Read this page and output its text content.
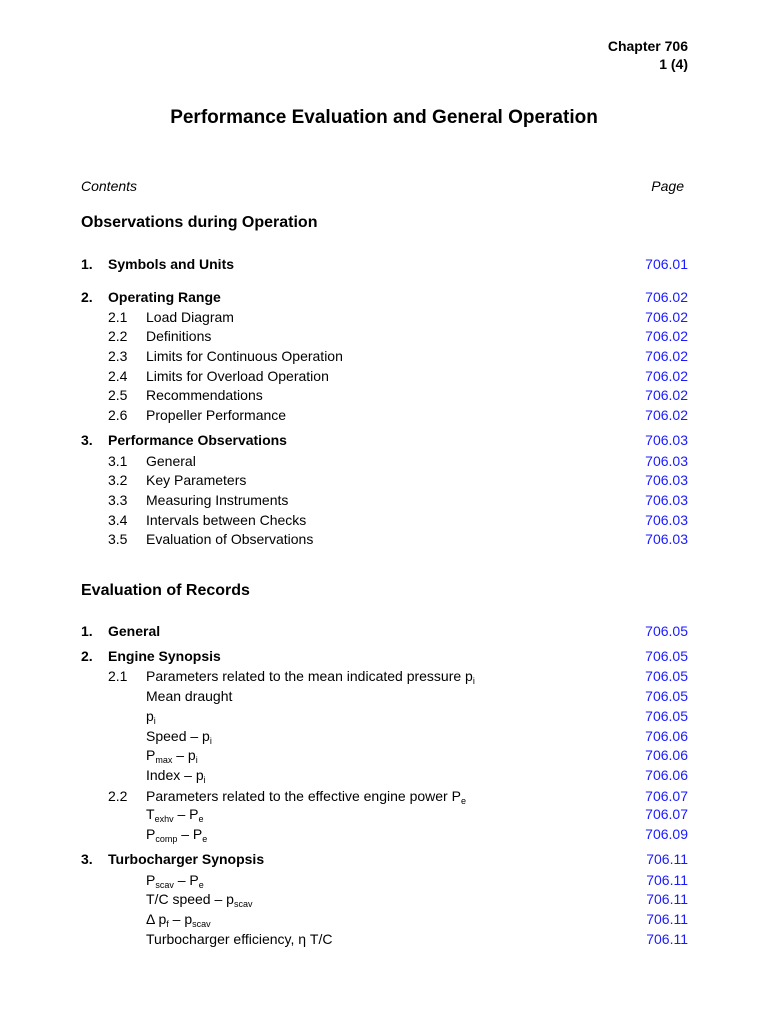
Chapter 706
1 (4)
Performance Evaluation and General Operation
Contents	Page
Observations during Operation
Evaluation of Records
1. Symbols and Units	706.01
2. Operating Range	706.02
2.1 Load Diagram	706.02
2.2 Definitions	706.02
2.3 Limits for Continuous Operation	706.02
2.4 Limits for Overload Operation	706.02
2.5 Recommendations	706.02
2.6 Propeller Performance	706.02
3. Performance Observations	706.03
3.1 General	706.03
3.2 Key Parameters	706.03
3.3 Measuring Instruments	706.03
3.4 Intervals between Checks	706.03
3.5 Evaluation of Observations	706.03
1. General	706.05
2. Engine Synopsis	706.05
2.1 Parameters related to the mean indicated pressure $p_i$	706.05
Mean draught	706.05
$p_i$	706.05
Speed – $p_i$	706.06
$P_{max} - p_i$	706.06
Index – $p_i$	706.06
2.2 Parameters related to the effective engine power $P_e$	706.07
$T_{exhv} - P_e$	706.07
$P_{comp} - P_e$	706.09
3. Turbocharger Synopsis	706.11
$P_{scav} - P_e$	706.11
T/C speed – $p_{scav}$	706.11
Δ $p_f - p_{scav}$	706.11
Turbocharger efficiency, η T/C	706.11
